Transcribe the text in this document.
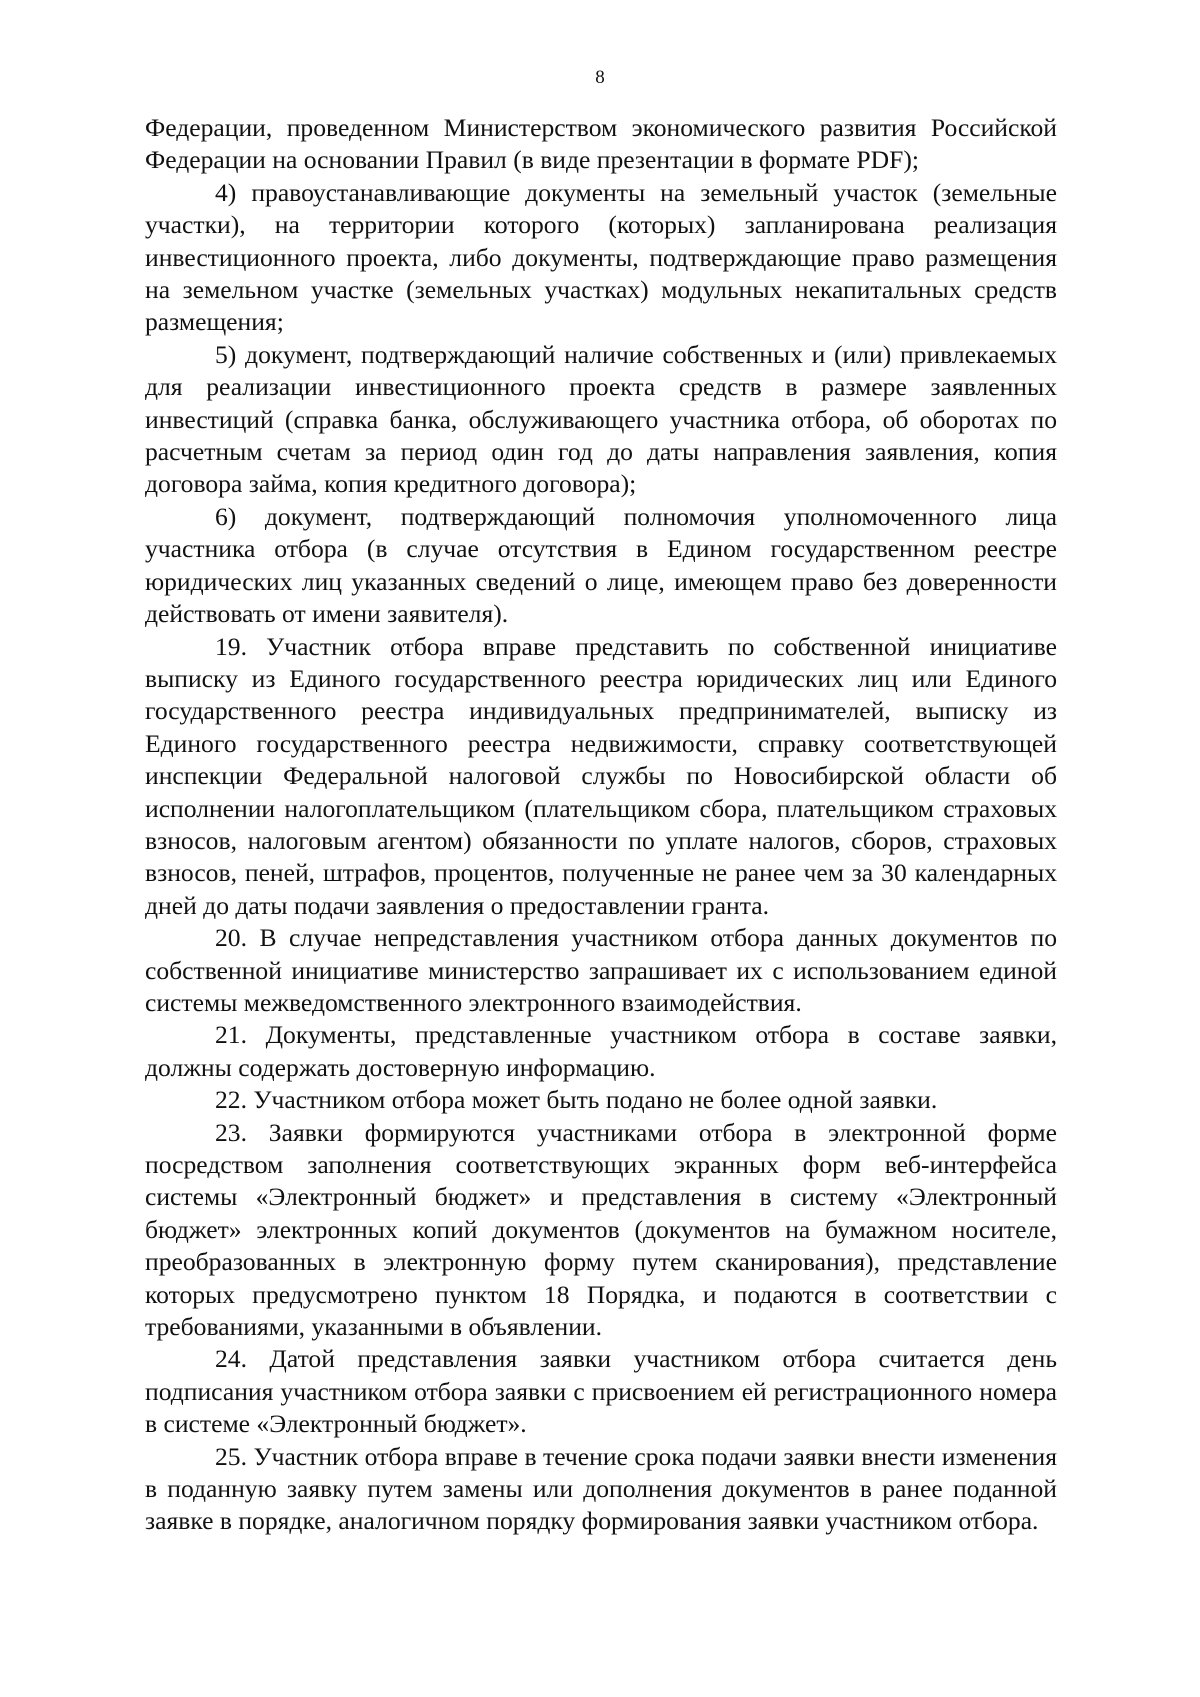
8

Федерации, проведенном Министерством экономического развития Российской Федерации на основании Правил (в виде презентации в формате PDF);

4) правоустанавливающие документы на земельный участок (земельные участки), на территории которого (которых) запланирована реализация инвестиционного проекта, либо документы, подтверждающие право размещения на земельном участке (земельных участках) модульных некапитальных средств размещения;

5) документ, подтверждающий наличие собственных и (или) привлекаемых для реализации инвестиционного проекта средств в размере заявленных инвестиций (справка банка, обслуживающего участника отбора, об оборотах по расчетным счетам за период один год до даты направления заявления, копия договора займа, копия кредитного договора);

6) документ, подтверждающий полномочия уполномоченного лица участника отбора (в случае отсутствия в Едином государственном реестре юридических лиц указанных сведений о лице, имеющем право без доверенности действовать от имени заявителя).

19. Участник отбора вправе представить по собственной инициативе выписку из Единого государственного реестра юридических лиц или Единого государственного реестра индивидуальных предпринимателей, выписку из Единого государственного реестра недвижимости, справку соответствующей инспекции Федеральной налоговой службы по Новосибирской области об исполнении налогоплательщиком (плательщиком сбора, плательщиком страховых взносов, налоговым агентом) обязанности по уплате налогов, сборов, страховых взносов, пеней, штрафов, процентов, полученные не ранее чем за 30 календарных дней до даты подачи заявления о предоставлении гранта.

20. В случае непредставления участником отбора данных документов по собственной инициативе министерство запрашивает их с использованием единой системы межведомственного электронного взаимодействия.

21. Документы, представленные участником отбора в составе заявки, должны содержать достоверную информацию.

22. Участником отбора может быть подано не более одной заявки.

23. Заявки формируются участниками отбора в электронной форме посредством заполнения соответствующих экранных форм веб-интерфейса системы «Электронный бюджет» и представления в систему «Электронный бюджет» электронных копий документов (документов на бумажном носителе, преобразованных в электронную форму путем сканирования), представление которых предусмотрено пунктом 18 Порядка, и подаются в соответствии с требованиями, указанными в объявлении.

24. Датой представления заявки участником отбора считается день подписания участником отбора заявки с присвоением ей регистрационного номера в системе «Электронный бюджет».

25. Участник отбора вправе в течение срока подачи заявки внести изменения в поданную заявку путем замены или дополнения документов в ранее поданной заявке в порядке, аналогичном порядку формирования заявки участником отбора.
